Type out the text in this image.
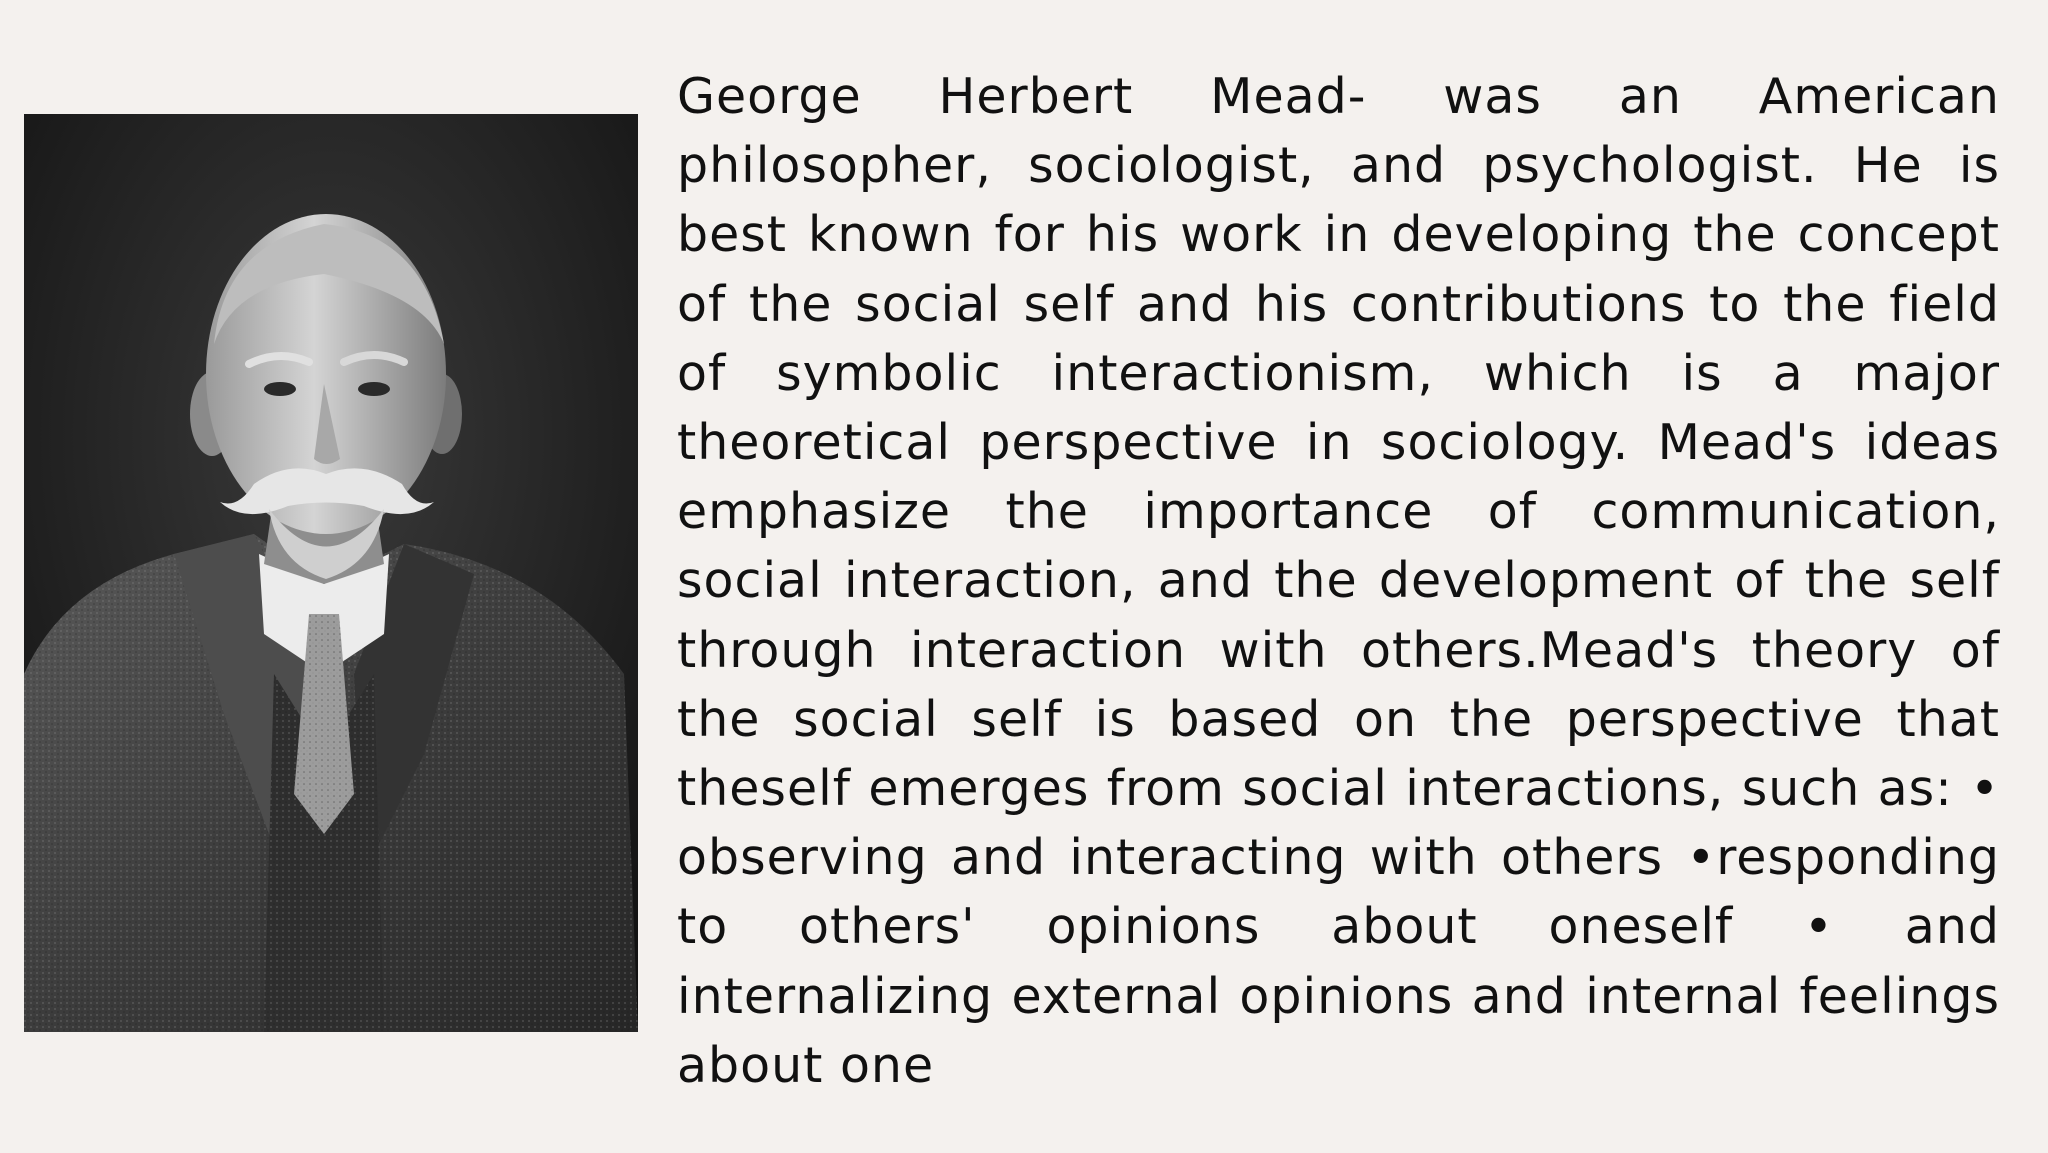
George Herbert Mead- was an American philosopher, sociologist, and psychologist. He is best known for his work in developing the concept of the social self and his contributions to the field of symbolic interactionism, which is a major theoretical perspective in sociology. Mead's ideas emphasize the importance of communication, social interaction, and the development of the self through interaction with others.Mead's theory of the social self is based on the perspective that theself emerges from social interactions, such as: • observing and interacting with others •responding to others' opinions about oneself • and internalizing external opinions and internal feelings about one
